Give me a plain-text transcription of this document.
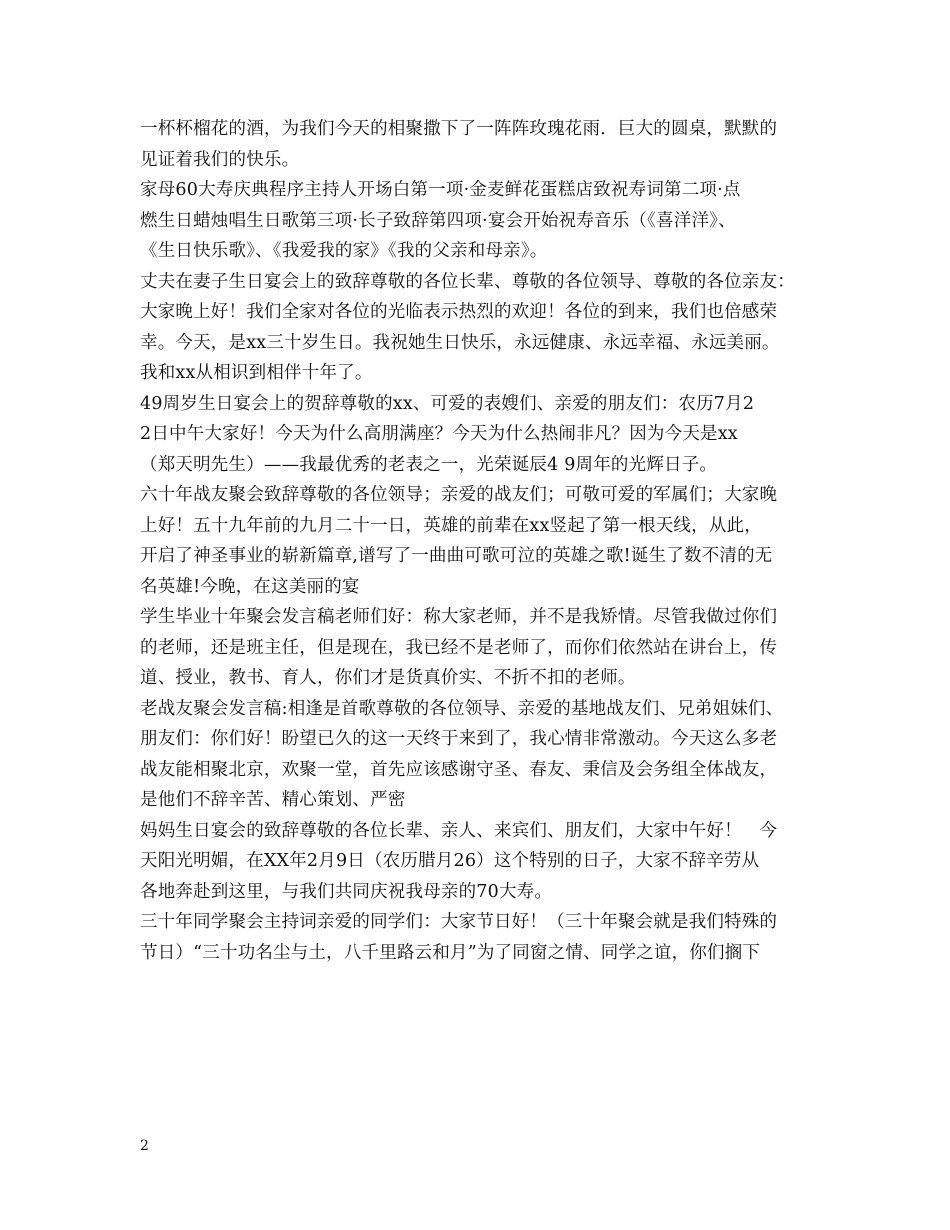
一杯杯榴花的酒，为我们今天的相聚撒下了一阵阵玫瑰花雨．巨大的圆桌，默默的
见证着我们的快乐。
家母60大寿庆典程序主持人开场白第一项·金麦鲜花蛋糕店致祝寿词第二项·点
燃生日蜡烛唱生日歌第三项·长子致辞第四项·宴会开始祝寿音乐（《喜洋洋》、
《生日快乐歌》、《我爱我的家》《我的父亲和母亲》。
丈夫在妻子生日宴会上的致辞尊敬的各位长辈、尊敬的各位领导、尊敬的各位亲友：
大家晚上好！我们全家对各位的光临表示热烈的欢迎！各位的到来，我们也倍感荣
幸。今天，是xx三十岁生日。我祝她生日快乐，永远健康、永远幸福、永远美丽。
我和xx从相识到相伴十年了。
49周岁生日宴会上的贺辞尊敬的xx、可爱的表嫂们、亲爱的朋友们：农历7月2
2日中午大家好！今天为什么高朋满座？今天为什么热闹非凡？因为今天是xx
（郑天明先生）——我最优秀的老表之一，光荣诞辰4 9周年的光辉日子。
六十年战友聚会致辞尊敬的各位领导；亲爱的战友们；可敬可爱的军属们；大家晚
上好！五十九年前的九月二十一日，英雄的前辈在xx竖起了第一根天线，从此，
开启了神圣事业的崭新篇章,谱写了一曲曲可歌可泣的英雄之歌!诞生了数不清的无
名英雄!今晚，在这美丽的宴
学生毕业十年聚会发言稿老师们好：称大家老师，并不是我矫情。尽管我做过你们
的老师，还是班主任，但是现在，我已经不是老师了，而你们依然站在讲台上，传
道、授业，教书、育人，你们才是货真价实、不折不扣的老师。
老战友聚会发言稿:相逢是首歌尊敬的各位领导、亲爱的基地战友们、兄弟姐妹们、
朋友们：你们好！盼望已久的这一天终于来到了，我心情非常激动。今天这么多老
战友能相聚北京，欢聚一堂，首先应该感谢守圣、春友、秉信及会务组全体战友，
是他们不辞辛苦、精心策划、严密
妈妈生日宴会的致辞尊敬的各位长辈、亲人、来宾们、朋友们，大家中午好！　今
天阳光明媚，在XX年2月9日（农历腊月26）这个特别的日子，大家不辞辛劳从
各地奔赴到这里，与我们共同庆祝我母亲的70大寿。
三十年同学聚会主持词亲爱的同学们：大家节日好！（三十年聚会就是我们特殊的
节日）“三十功名尘与土，八千里路云和月”为了同窗之情、同学之谊，你们搁下
2
